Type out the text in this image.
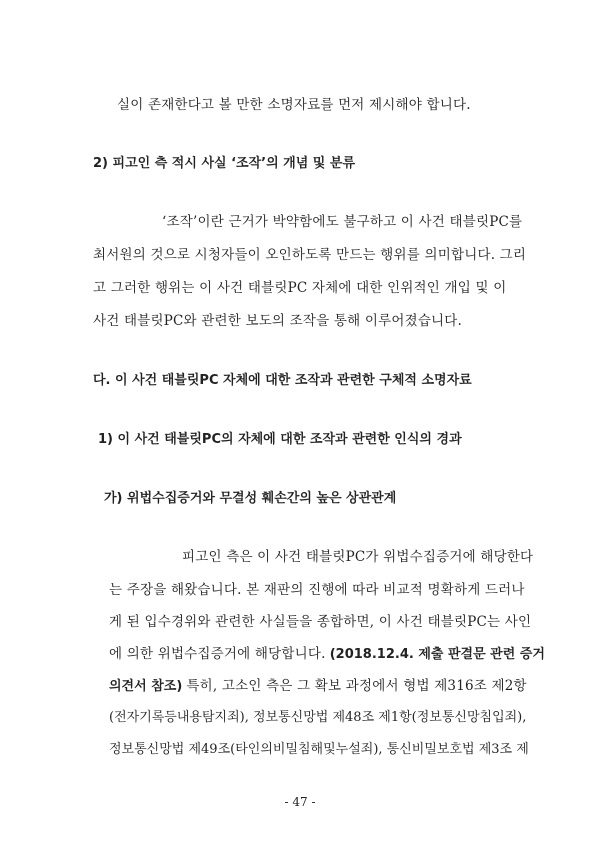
실이 존재한다고 볼 만한 소명자료를 먼저 제시해야 합니다.
2) 피고인 측 적시 사실 ‘조작’의 개념 및 분류
‘조작’이란 근거가 박약함에도 불구하고 이 사건 태블릿PC를
최서원의 것으로 시청자들이 오인하도록 만드는 행위를 의미합니다. 그리
고 그러한 행위는 이 사건 태블릿PC 자체에 대한 인위적인 개입 및 이
사건 태블릿PC와 관련한 보도의 조작을 통해 이루어졌습니다.
다. 이 사건 태블릿PC 자체에 대한 조작과 관련한 구체적 소명자료
1) 이 사건 태블릿PC의 자체에 대한 조작과 관련한 인식의 경과
가) 위법수집증거와 무결성 훼손간의 높은 상관관계
피고인 측은 이 사건 태블릿PC가 위법수집증거에 해당한다
는 주장을 해왔습니다. 본 재판의 진행에 따라 비교적 명확하게 드러나
게 된 입수경위와 관련한 사실들을 종합하면, 이 사건 태블릿PC는 사인
에 의한 위법수집증거에 해당합니다. (2018.12.4. 제출 판결문 관련 증거
의견서 참조) 특히, 고소인 측은 그 확보 과정에서 형법 제316조 제2항
(전자기록등내용탐지죄), 정보통신망법 제48조 제1항(정보통신망침입죄),
정보통신망법 제49조(타인의비밀침해및누설죄), 통신비밀보호법 제3조 제
- 47 -
